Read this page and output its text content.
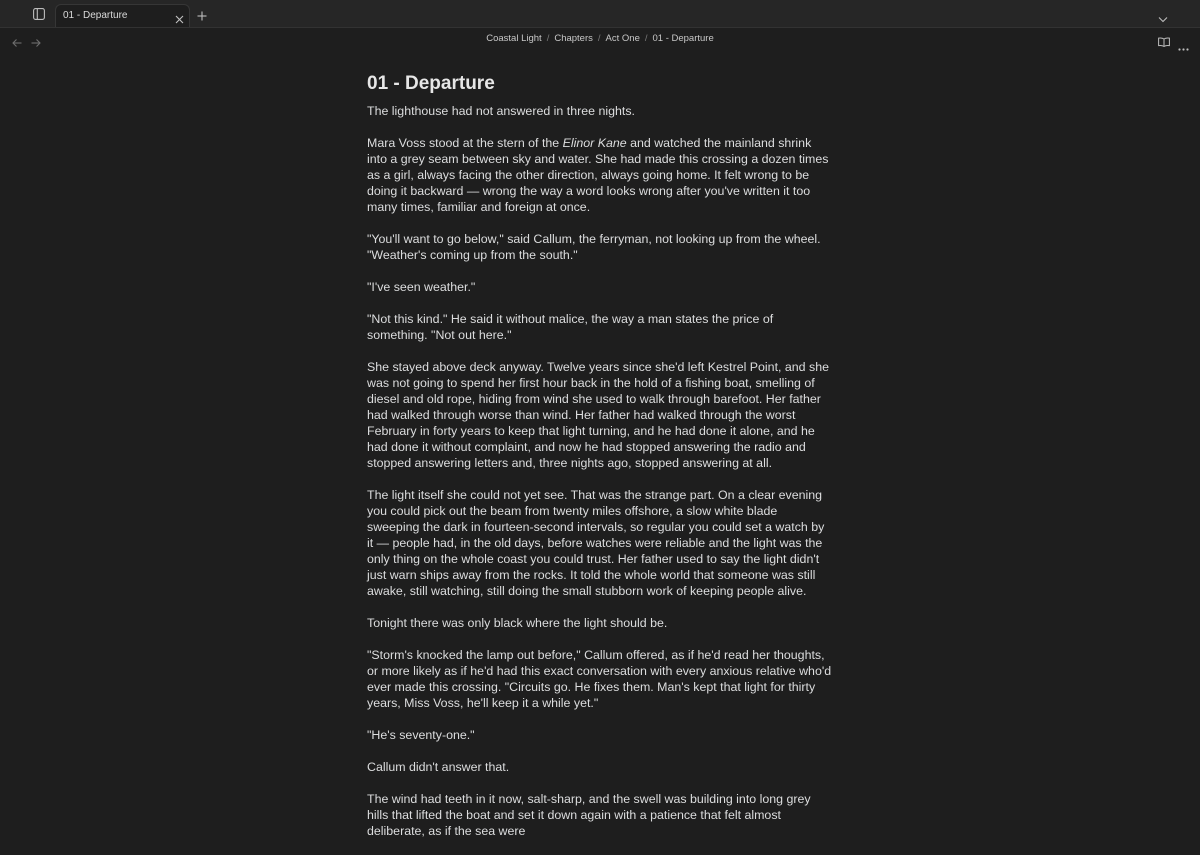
01 - Departure
Coastal Light / Chapters / Act One / 01 - Departure
01 - Departure

The lighthouse had not answered in three nights.

Mara Voss stood at the stern of the Elinor Kane and watched the mainland shrink into a grey seam between sky and water. She had made this crossing a dozen times as a girl, always facing the other direction, always going home. It felt wrong to be doing it backward — wrong the way a word looks wrong after you've written it too many times, familiar and foreign at once.

"You'll want to go below," said Callum, the ferryman, not looking up from the wheel. "Weather's coming up from the south."

"I've seen weather."

"Not this kind." He said it without malice, the way a man states the price of something. "Not out here."

She stayed above deck anyway. Twelve years since she'd left Kestrel Point, and she was not going to spend her first hour back in the hold of a fishing boat, smelling of diesel and old rope, hiding from wind she used to walk through barefoot. Her father had walked through worse than wind. Her father had walked through the worst February in forty years to keep that light turning, and he had done it alone, and he had done it without complaint, and now he had stopped answering the radio and stopped answering letters and, three nights ago, stopped answering at all.

The light itself she could not yet see. That was the strange part. On a clear evening you could pick out the beam from twenty miles offshore, a slow white blade sweeping the dark in fourteen-second intervals, so regular you could set a watch by it — people had, in the old days, before watches were reliable and the light was the only thing on the whole coast you could trust. Her father used to say the light didn't just warn ships away from the rocks. It told the whole world that someone was still awake, still watching, still doing the small stubborn work of keeping people alive.

Tonight there was only black where the light should be.

"Storm's knocked the lamp out before," Callum offered, as if he'd read her thoughts, or more likely as if he'd had this exact conversation with every anxious relative who'd ever made this crossing. "Circuits go. He fixes them. Man's kept that light for thirty years, Miss Voss, he'll keep it a while yet."

"He's seventy-one."

Callum didn't answer that.

The wind had teeth in it now, salt-sharp, and the swell was building into long grey hills that lifted the boat and set it down again with a patience that felt almost deliberate, as if the sea were
